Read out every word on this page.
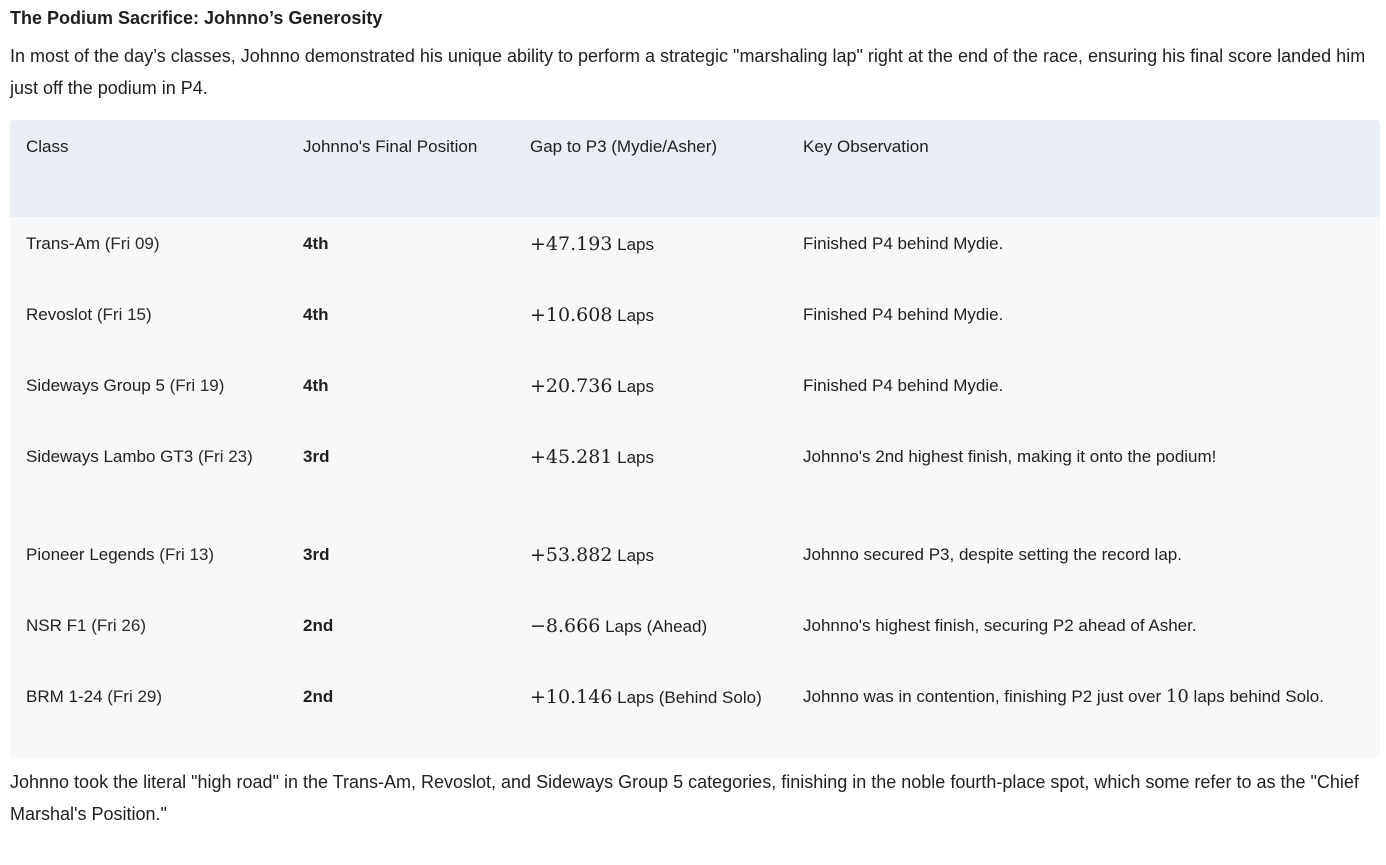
The Podium Sacrifice: Johnno’s Generosity
In most of the day’s classes, Johnno demonstrated his unique ability to perform a strategic "marshaling lap" right at the end of the race, ensuring his final score landed him just off the podium in P4.
Class	Johnno's Final Position	Gap to P3 (Mydie/Asher)	Key Observation
Trans-Am (Fri 09)	4th	+47.193 Laps	Finished P4 behind Mydie.
Revoslot (Fri 15)	4th	+10.608 Laps	Finished P4 behind Mydie.
Sideways Group 5 (Fri 19)	4th	+20.736 Laps	Finished P4 behind Mydie.
Sideways Lambo GT3 (Fri 23)	3rd	+45.281 Laps	Johnno's 2nd highest finish, making it onto the podium!
Pioneer Legends (Fri 13)	3rd	+53.882 Laps	Johnno secured P3, despite setting the record lap.
NSR F1 (Fri 26)	2nd	−8.666 Laps (Ahead)	Johnno's highest finish, securing P2 ahead of Asher.
BRM 1-24 (Fri 29)	2nd	+10.146 Laps (Behind Solo)	Johnno was in contention, finishing P2 just over 10 laps behind Solo.
Johnno took the literal "high road" in the Trans-Am, Revoslot, and Sideways Group 5 categories, finishing in the noble fourth-place spot, which some refer to as the "Chief Marshal's Position."
